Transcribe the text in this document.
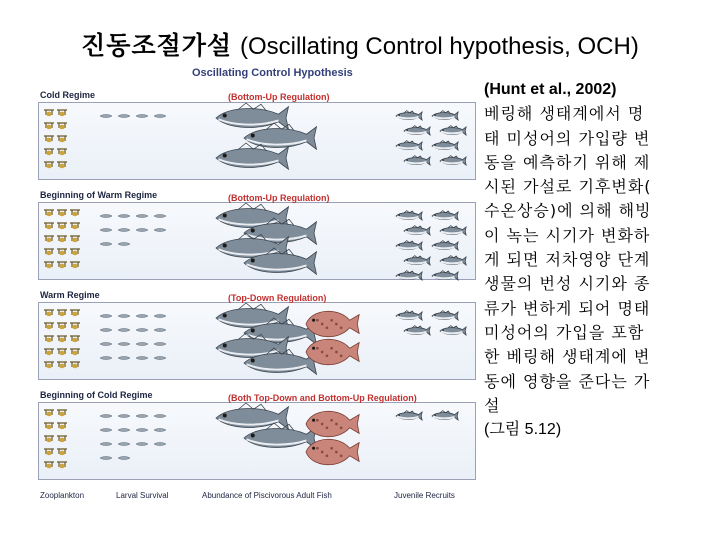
진동조절가설 (Oscillating Control hypothesis, OCH)
Oscillating Control Hypothesis
Cold Regime	(Bottom-Up Regulation)
Beginning of Warm Regime	(Bottom-Up Regulation)
Warm Regime	(Top-Down Regulation)
Beginning of Cold Regime	(Both Top-Down and Bottom-Up Regulation)
Zooplankton	Larval Survival	Abundance of Piscivorous Adult Fish	Juvenile Recruits
(Hunt et al., 2002)
베링해 생태계에서 명
태 미성어의 가입량 변
동을 예측하기 위해 제
시된 가설로 기후변화(
수온상승)에 의해 해빙
이 녹는 시기가 변화하
게 되면 저차영양 단계
생물의 번성 시기와 종
류가 변하게 되어 명태
미성어의 가입을 포함
한 베링해 생태계에 변
동에 영향을 준다는 가
설
(그림 5.12)
